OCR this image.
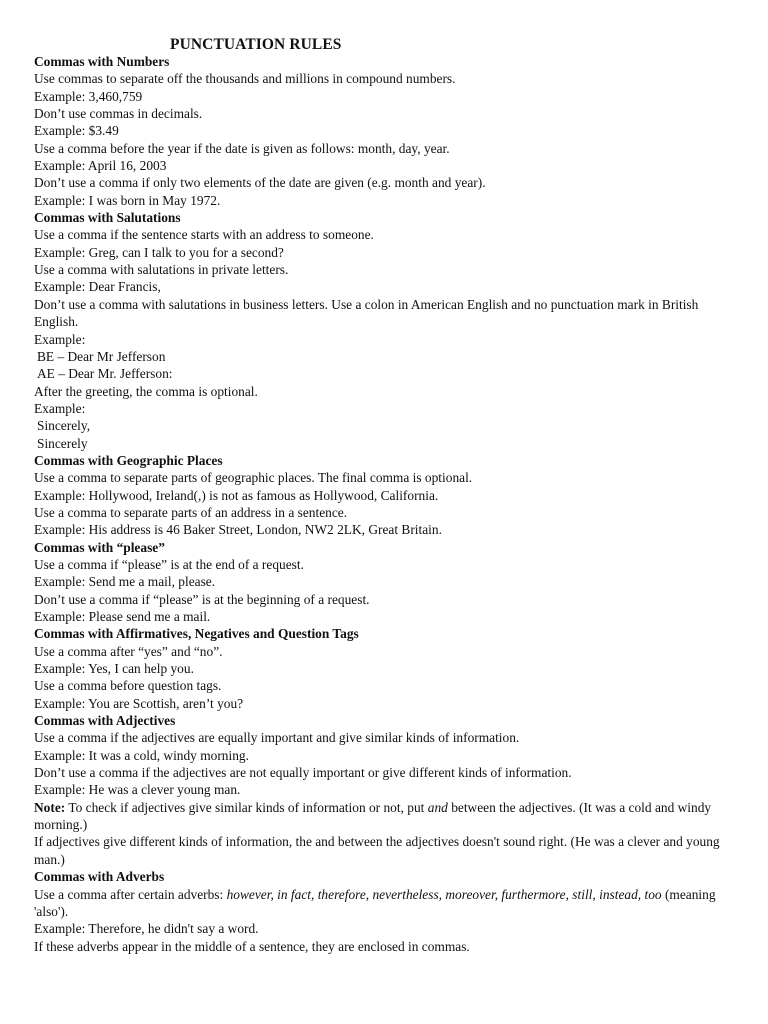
PUNCTUATION RULES
Commas with Numbers
Use commas to separate off the thousands and millions in compound numbers.
Example: 3,460,759
Don’t use commas in decimals.
Example: $3.49
Use a comma before the year if the date is given as follows: month, day, year.
Example: April 16, 2003
Don’t use a comma if only two elements of the date are given (e.g. month and year).
Example: I was born in May 1972.
Commas with Salutations
Use a comma if the sentence starts with an address to someone.
Example: Greg, can I talk to you for a second?
Use a comma with salutations in private letters.
Example: Dear Francis,
Don’t use a comma with salutations in business letters. Use a colon in American English and no punctuation mark in British English.
Example:
BE – Dear Mr Jefferson
AE – Dear Mr. Jefferson:
After the greeting, the comma is optional.
Example:
Sincerely,
Sincerely
Commas with Geographic Places
Use a comma to separate parts of geographic places. The final comma is optional.
Example: Hollywood, Ireland(,) is not as famous as Hollywood, California.
Use a comma to separate parts of an address in a sentence.
Example: His address is 46 Baker Street, London, NW2 2LK, Great Britain.
Commas with “please”
Use a comma if “please” is at the end of a request.
Example: Send me a mail, please.
Don’t use a comma if “please” is at the beginning of a request.
Example: Please send me a mail.
Commas with Affirmatives, Negatives and Question Tags
Use a comma after “yes” and “no”.
Example: Yes, I can help you.
Use a comma before question tags.
Example: You are Scottish, aren’t you?
Commas with Adjectives
Use a comma if the adjectives are equally important and give similar kinds of information.
Example: It was a cold, windy morning.
Don’t use a comma if the adjectives are not equally important or give different kinds of information.
Example: He was a clever young man.
Note: To check if adjectives give similar kinds of information or not, put and between the adjectives. (It was a cold and windy morning.)
If adjectives give different kinds of information, the and between the adjectives doesn't sound right. (He was a clever and young man.)
Commas with Adverbs
Use a comma after certain adverbs: however, in fact, therefore, nevertheless, moreover, furthermore, still, instead, too (meaning 'also').
Example: Therefore, he didn't say a word.
If these adverbs appear in the middle of a sentence, they are enclosed in commas.
